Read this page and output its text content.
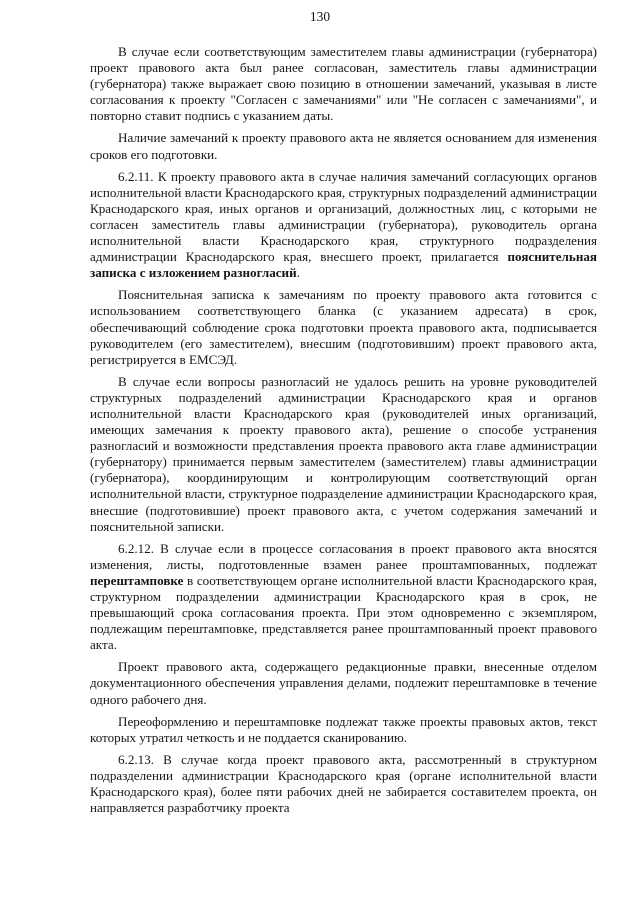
130

В случае если соответствующим заместителем главы администрации (губернатора) проект правового акта был ранее согласован, заместитель главы администрации (губернатора) также выражает свою позицию в отношении замечаний, указывая в листе согласования к проекту "Согласен с замечаниями" или "Не согласен с замечаниями", и повторно ставит подпись с указанием даты.

Наличие замечаний к проекту правового акта не является основанием для изменения сроков его подготовки.

6.2.11. К проекту правового акта в случае наличия замечаний согласующих органов исполнительной власти Краснодарского края, структурных подразделений администрации Краснодарского края, иных органов и организаций, должностных лиц, с которыми не согласен заместитель главы администрации (губернатора), руководитель органа исполнительной власти Краснодарского края, структурного подразделения администрации Краснодарского края, внесшего проект, прилагается пояснительная записка с изложением разногласий.

Пояснительная записка к замечаниям по проекту правового акта готовится с использованием соответствующего бланка (с указанием адресата) в срок, обеспечивающий соблюдение срока подготовки проекта правового акта, подписывается руководителем (его заместителем), внесшим (подготовившим) проект правового акта, регистрируется в ЕМСЭД.

В случае если вопросы разногласий не удалось решить на уровне руководителей структурных подразделений администрации Краснодарского края и органов исполнительной власти Краснодарского края (руководителей иных организаций, имеющих замечания к проекту правового акта), решение о способе устранения разногласий и возможности представления проекта правового акта главе администрации (губернатору) принимается первым заместителем (заместителем) главы администрации (губернатора), координирующим и контролирующим соответствующий орган исполнительной власти, структурное подразделение администрации Краснодарского края, внесшие (подготовившие) проект правового акта, с учетом содержания замечаний и пояснительной записки.

6.2.12. В случае если в процессе согласования в проект правового акта вносятся изменения, листы, подготовленные взамен ранее проштампованных, подлежат перештамповке в соответствующем органе исполнительной власти Краснодарского края, структурном подразделении администрации Краснодарского края в срок, не превышающий срока согласования проекта. При этом одновременно с экземпляром, подлежащим перештамповке, представляется ранее проштампованный проект правового акта.

Проект правового акта, содержащего редакционные правки, внесенные отделом документационного обеспечения управления делами, подлежит перештамповке в течение одного рабочего дня.

Переоформлению и перештамповке подлежат также проекты правовых актов, текст которых утратил четкость и не поддается сканированию.

6.2.13. В случае когда проект правового акта, рассмотренный в структурном подразделении администрации Краснодарского края (органе исполнительной власти Краснодарского края), более пяти рабочих дней не забирается составителем проекта, он направляется разработчику проекта
